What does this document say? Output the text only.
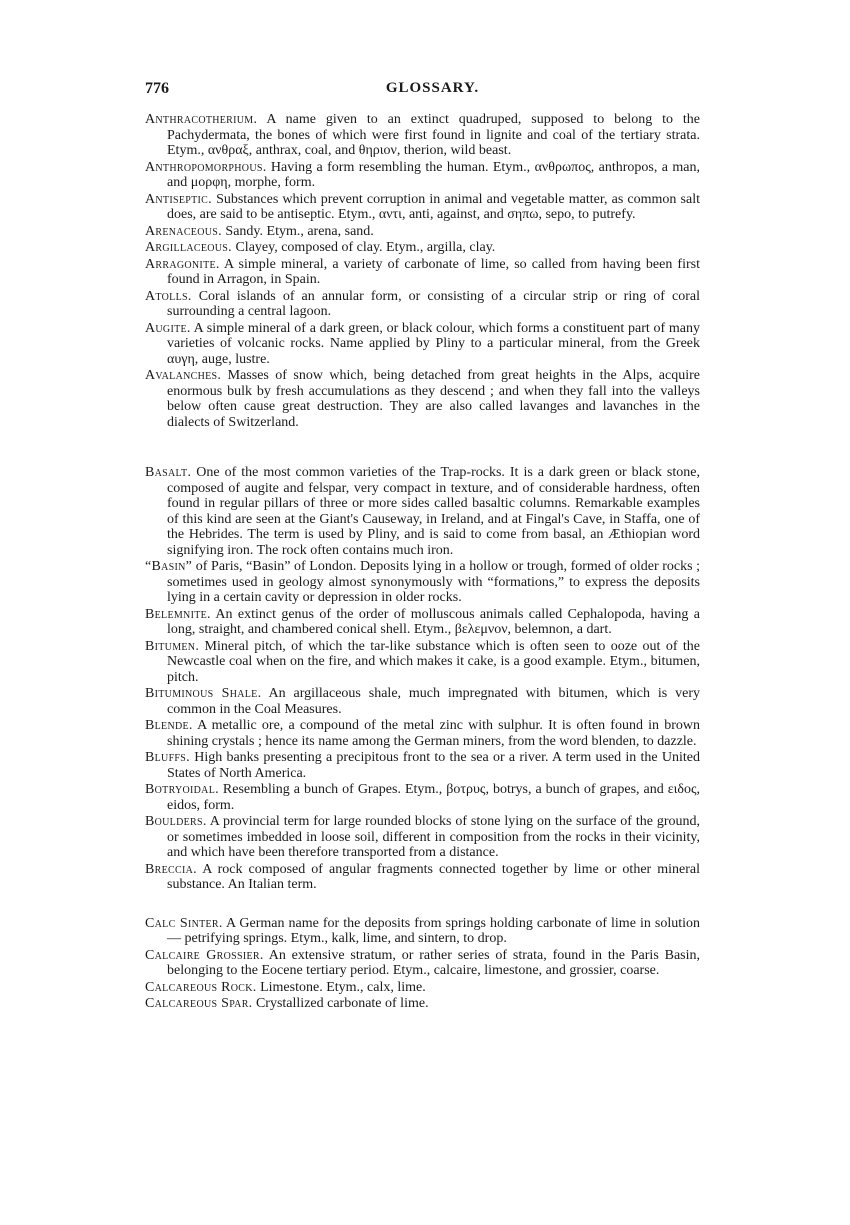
776	GLOSSARY.

Anthracotherium. A name given to an extinct quadruped, supposed to belong to the Pachydermata, the bones of which were first found in lignite and coal of the tertiary strata. Etym., ανθραξ, anthrax, coal, and θηριον, therion, wild beast.

Anthropomorphous. Having a form resembling the human. Etym., ανθρωπος, anthropos, a man, and μορφη, morphe, form.

Antiseptic. Substances which prevent corruption in animal and vegetable matter, as common salt does, are said to be antiseptic. Etym., αντι, anti, against, and σηπω, sepo, to putrefy.

Arenaceous. Sandy. Etym., arena, sand.

Argillaceous. Clayey, composed of clay. Etym., argilla, clay.

Arragonite. A simple mineral, a variety of carbonate of lime, so called from having been first found in Arragon, in Spain.

Atolls. Coral islands of an annular form, or consisting of a circular strip or ring of coral surrounding a central lagoon.

Augite. A simple mineral of a dark green, or black colour, which forms a constituent part of many varieties of volcanic rocks. Name applied by Pliny to a particular mineral, from the Greek αυγη, auge, lustre.

Avalanches. Masses of snow which, being detached from great heights in the Alps, acquire enormous bulk by fresh accumulations as they descend ; and when they fall into the valleys below often cause great destruction. They are also called lavanges and lavanches in the dialects of Switzerland.

Basalt. One of the most common varieties of the Trap-rocks. It is a dark green or black stone, composed of augite and felspar, very compact in texture, and of considerable hardness, often found in regular pillars of three or more sides called basaltic columns. Remarkable examples of this kind are seen at the Giant's Causeway, in Ireland, and at Fingal's Cave, in Staffa, one of the Hebrides. The term is used by Pliny, and is said to come from basal, an Æthiopian word signifying iron. The rock often contains much iron.

“Basin” of Paris, “Basin” of London. Deposits lying in a hollow or trough, formed of older rocks ; sometimes used in geology almost synonymously with “formations,” to express the deposits lying in a certain cavity or depression in older rocks.

Belemnite. An extinct genus of the order of molluscous animals called Cephalopoda, having a long, straight, and chambered conical shell. Etym., βελεμνον, belemnon, a dart.

Bitumen. Mineral pitch, of which the tar-like substance which is often seen to ooze out of the Newcastle coal when on the fire, and which makes it cake, is a good example. Etym., bitumen, pitch.

Bituminous Shale. An argillaceous shale, much impregnated with bitumen, which is very common in the Coal Measures.

Blende. A metallic ore, a compound of the metal zinc with sulphur. It is often found in brown shining crystals ; hence its name among the German miners, from the word blenden, to dazzle.

Bluffs. High banks presenting a precipitous front to the sea or a river. A term used in the United States of North America.

Botryoidal. Resembling a bunch of Grapes. Etym., βοτρυς, botrys, a bunch of grapes, and ειδος, eidos, form.

Boulders. A provincial term for large rounded blocks of stone lying on the surface of the ground, or sometimes imbedded in loose soil, different in composition from the rocks in their vicinity, and which have been therefore transported from a distance.

Breccia. A rock composed of angular fragments connected together by lime or other mineral substance. An Italian term.

Calc Sinter. A German name for the deposits from springs holding carbonate of lime in solution — petrifying springs. Etym., kalk, lime, and sintern, to drop.

Calcaire Grossier. An extensive stratum, or rather series of strata, found in the Paris Basin, belonging to the Eocene tertiary period. Etym., calcaire, limestone, and grossier, coarse.

Calcareous Rock. Limestone. Etym., calx, lime.

Calcareous Spar. Crystallized carbonate of lime.
